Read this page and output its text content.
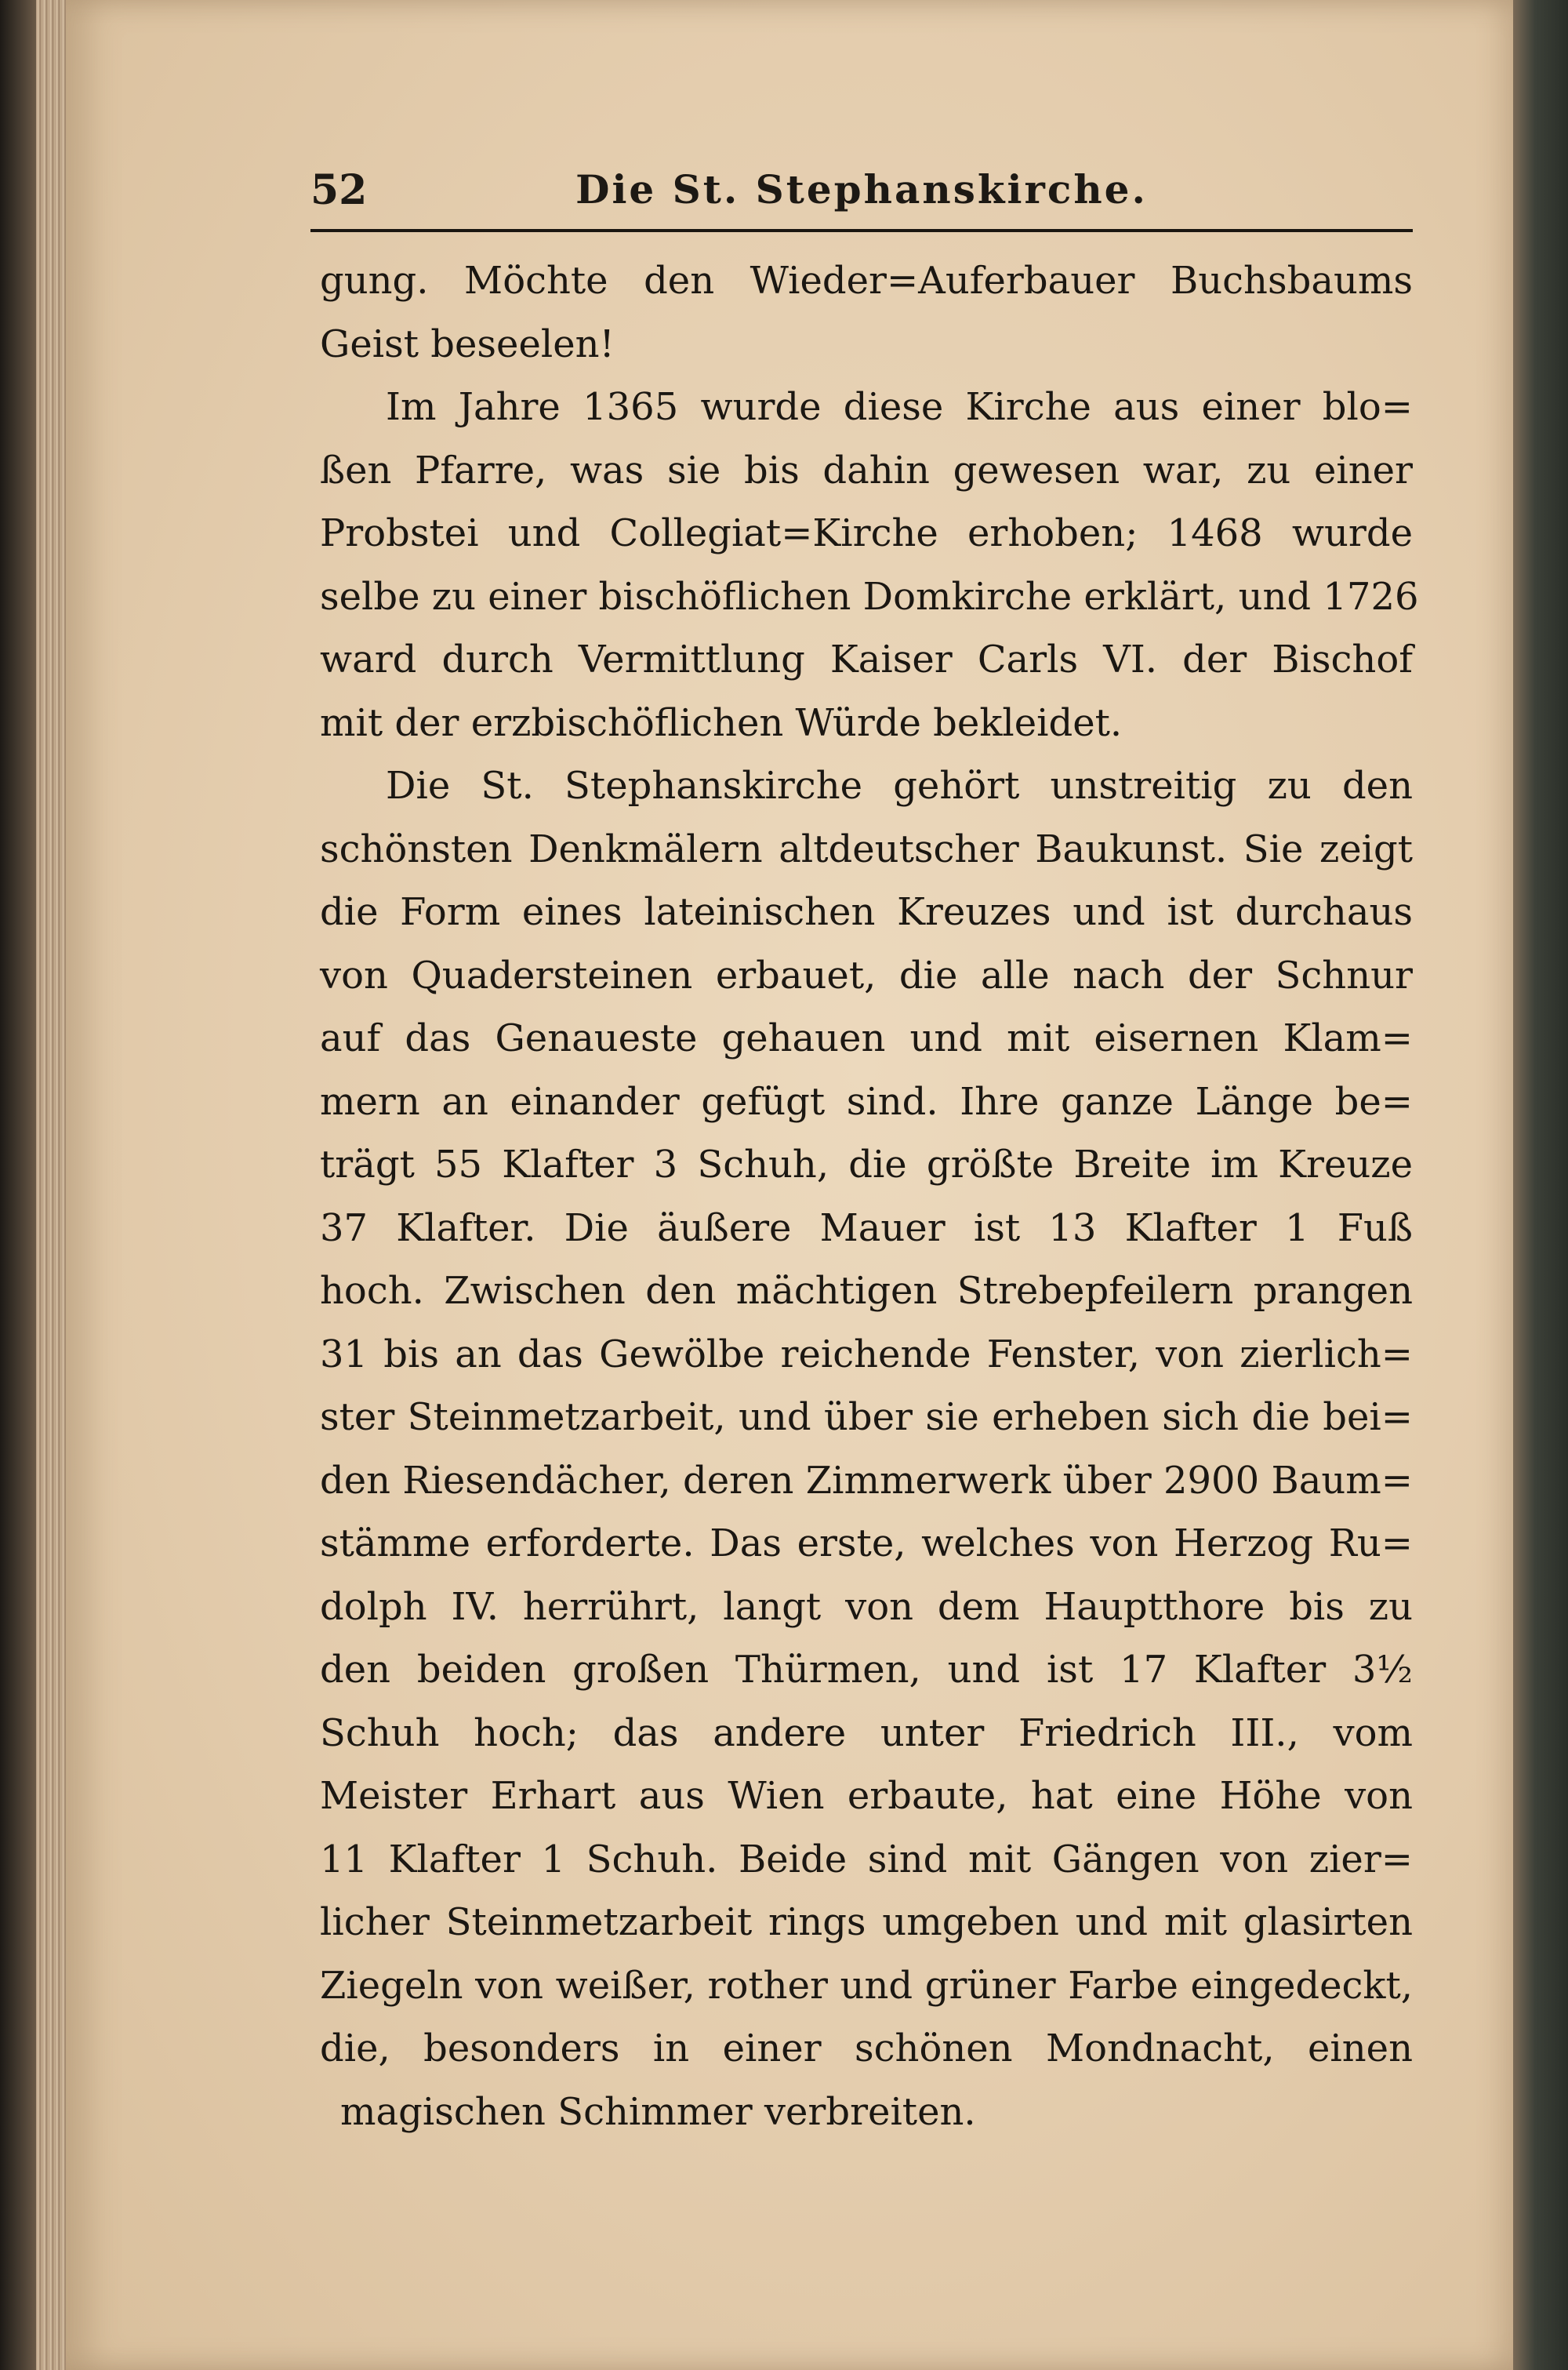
52	Die St. Stephanskirche.
gung. Möchte den Wieder=Auferbauer Buchsbaums
Geist beseelen!
Im Jahre 1365 wurde diese Kirche aus einer blo=
ßen Pfarre, was sie bis dahin gewesen war, zu einer
Probstei und Collegiat=Kirche erhoben; 1468 wurde
selbe zu einer bischöflichen Domkirche erklärt, und 1726
ward durch Vermittlung Kaiser Carls VI. der Bischof
mit der erzbischöflichen Würde bekleidet.
Die St. Stephanskirche gehört unstreitig zu den
schönsten Denkmälern altdeutscher Baukunst. Sie zeigt
die Form eines lateinischen Kreuzes und ist durchaus
von Quadersteinen erbauet, die alle nach der Schnur
auf das Genaueste gehauen und mit eisernen Klam=
mern an einander gefügt sind. Ihre ganze Länge be=
trägt 55 Klafter 3 Schuh, die größte Breite im Kreuze
37 Klafter. Die äußere Mauer ist 13 Klafter 1 Fuß
hoch. Zwischen den mächtigen Strebepfeilern prangen
31 bis an das Gewölbe reichende Fenster, von zierlich=
ster Steinmetzarbeit, und über sie erheben sich die bei=
den Riesendächer, deren Zimmerwerk über 2900 Baum=
stämme erforderte. Das erste, welches von Herzog Ru=
dolph IV. herrührt, langt von dem Hauptthore bis zu
den beiden großen Thürmen, und ist 17 Klafter 3½
Schuh hoch; das andere unter Friedrich III., vom
Meister Erhart aus Wien erbaute, hat eine Höhe von
11 Klafter 1 Schuh. Beide sind mit Gängen von zier=
licher Steinmetzarbeit rings umgeben und mit glasirten
Ziegeln von weißer, rother und grüner Farbe eingedeckt,
die, besonders in einer schönen Mondnacht, einen
magischen Schimmer verbreiten.
